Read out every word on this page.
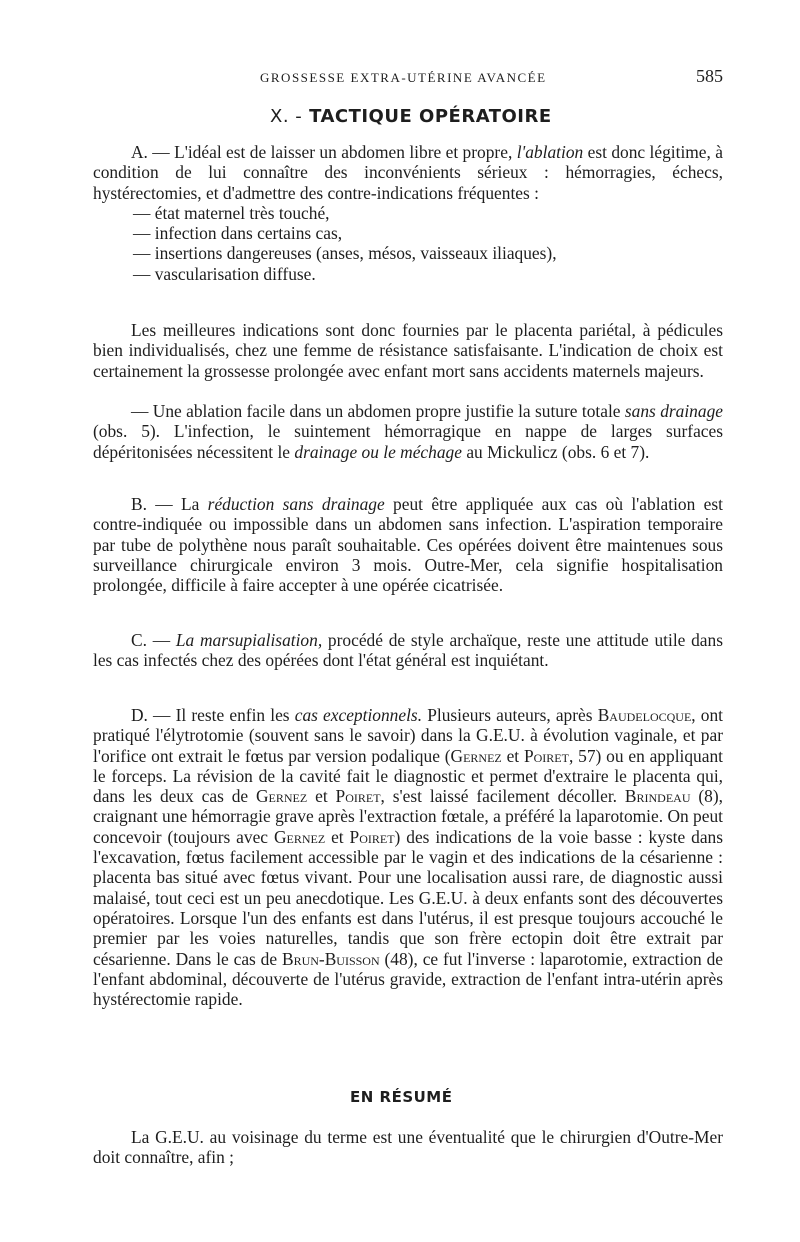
GROSSESSE EXTRA-UTÉRINE AVANCÉE	585
X. - TACTIQUE OPÉRATOIRE

A. — L'idéal est de laisser un abdomen libre et propre, l'ablation est donc légitime, à condition de lui connaître des inconvénients sérieux : hémorragies, échecs, hystérectomies, et d'admettre des contre-indications fréquentes :

— état maternel très touché,

— infection dans certains cas,

— insertions dangereuses (anses, mésos, vaisseaux iliaques),

— vascularisation diffuse.

Les meilleures indications sont donc fournies par le placenta pariétal, à pédicules bien individualisés, chez une femme de résistance satisfaisante. L'indication de choix est certainement la grossesse prolongée avec enfant mort sans accidents maternels majeurs.

— Une ablation facile dans un abdomen propre justifie la suture totale sans drainage (obs. 5). L'infection, le suintement hémorragique en nappe de larges surfaces dépéritonisées nécessitent le drainage ou le méchage au Mickulicz (obs. 6 et 7).

B. — La réduction sans drainage peut être appliquée aux cas où l'ablation est contre-indiquée ou impossible dans un abdomen sans infection. L'aspiration temporaire par tube de polythène nous paraît souhaitable. Ces opérées doivent être maintenues sous surveillance chirurgicale environ 3 mois. Outre-Mer, cela signifie hospitalisation prolongée, difficile à faire accepter à une opérée cicatrisée.

C. — La marsupialisation, procédé de style archaïque, reste une attitude utile dans les cas infectés chez des opérées dont l'état général est inquiétant.

D. — Il reste enfin les cas exceptionnels. Plusieurs auteurs, après Baudelocque, ont pratiqué l'élytrotomie (souvent sans le savoir) dans la G.E.U. à évolution vaginale, et par l'orifice ont extrait le fœtus par version podalique (Gernez et Poiret, 57) ou en appliquant le forceps. La révision de la cavité fait le diagnostic et permet d'extraire le placenta qui, dans les deux cas de Gernez et Poiret, s'est laissé facilement décoller. Brindeau (8), craignant une hémorragie grave après l'extraction fœtale, a préféré la laparotomie. On peut concevoir (toujours avec Gernez et Poiret) des indications de la voie basse : kyste dans l'excavation, fœtus facilement accessible par le vagin et des indications de la césarienne : placenta bas situé avec fœtus vivant. Pour une localisation aussi rare, de diagnostic aussi malaisé, tout ceci est un peu anecdotique. Les G.E.U. à deux enfants sont des découvertes opératoires. Lorsque l'un des enfants est dans l'utérus, il est presque toujours accouché le premier par les voies naturelles, tandis que son frère ectopin doit être extrait par césarienne. Dans le cas de Brun-Buisson (48), ce fut l'inverse : laparotomie, extraction de l'enfant abdominal, découverte de l'utérus gravide, extraction de l'enfant intra-utérin après hystérectomie rapide.

EN RÉSUMÉ

La G.E.U. au voisinage du terme est une éventualité que le chirurgien d'Outre-Mer doit connaître, afin ;
